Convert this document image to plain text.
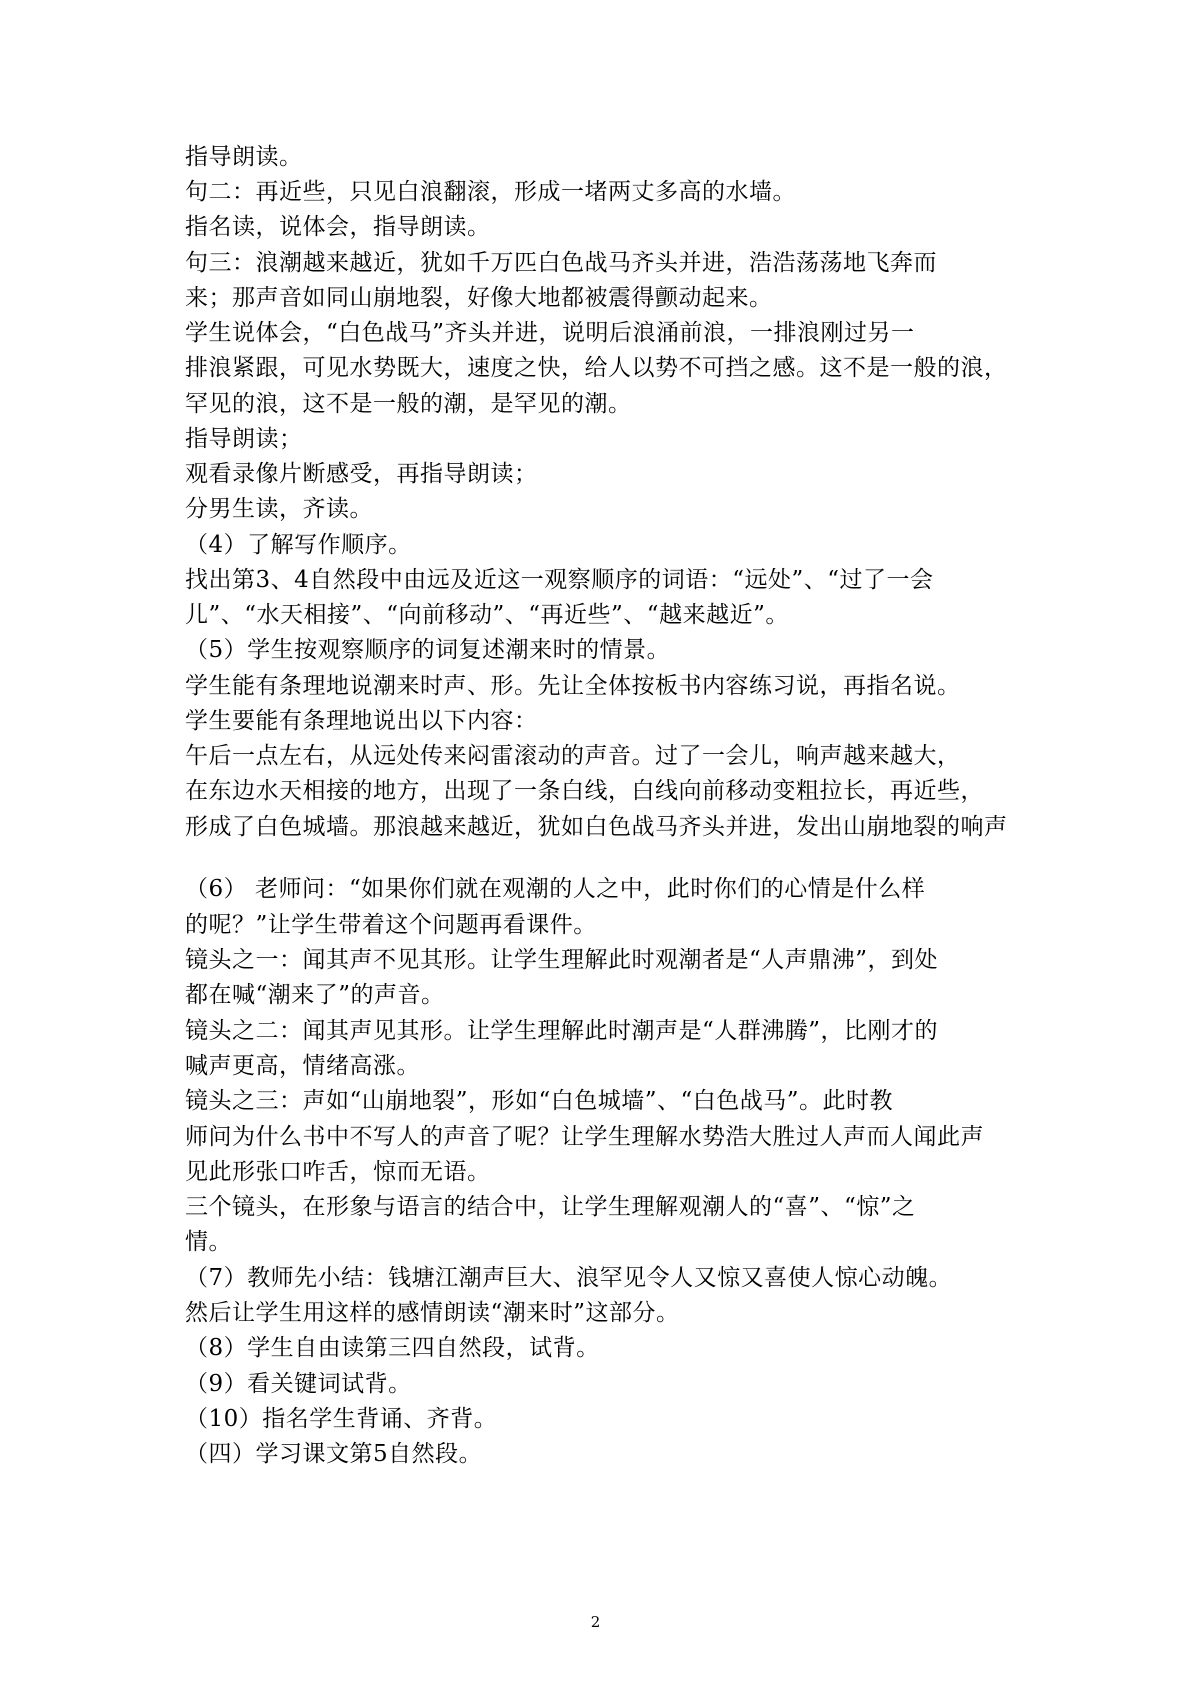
指导朗读。
句二：再近些，只见白浪翻滚，形成一堵两丈多高的水墙。
指名读，说体会，指导朗读。
句三：浪潮越来越近，犹如千万匹白色战马齐头并进，浩浩荡荡地飞奔而
来；那声音如同山崩地裂，好像大地都被震得颤动起来。
学生说体会，“白色战马”齐头并进，说明后浪涌前浪，一排浪刚过另一
排浪紧跟，可见水势既大，速度之快，给人以势不可挡之感。这不是一般的浪，
罕见的浪，这不是一般的潮，是罕见的潮。
指导朗读；
观看录像片断感受，再指导朗读；
分男生读，齐读。
（4）了解写作顺序。
找出第3、4自然段中由远及近这一观察顺序的词语：“远处”、“过了一会
儿”、“水天相接”、“向前移动”、“再近些”、“越来越近”。
（5）学生按观察顺序的词复述潮来时的情景。
学生能有条理地说潮来时声、形。先让全体按板书内容练习说，再指名说。
学生要能有条理地说出以下内容：
午后一点左右，从远处传来闷雷滚动的声音。过了一会儿，响声越来越大，
在东边水天相接的地方，出现了一条白线，白线向前移动变粗拉长，再近些，
形成了白色城墙。那浪越来越近，犹如白色战马齐头并进，发出山崩地裂的响声
（6） 老师问：“如果你们就在观潮的人之中，此时你们的心情是什么样
的呢？”让学生带着这个问题再看课件。
镜头之一：闻其声不见其形。让学生理解此时观潮者是“人声鼎沸”，到处
都在喊“潮来了”的声音。
镜头之二：闻其声见其形。让学生理解此时潮声是“人群沸腾”，比刚才的
喊声更高，情绪高涨。
镜头之三：声如“山崩地裂”，形如“白色城墙”、“白色战马”。此时教
师问为什么书中不写人的声音了呢？让学生理解水势浩大胜过人声而人闻此声
见此形张口咋舌，惊而无语。
三个镜头，在形象与语言的结合中，让学生理解观潮人的“喜”、“惊”之
情。
（7）教师先小结：钱塘江潮声巨大、浪罕见令人又惊又喜使人惊心动魄。
然后让学生用这样的感情朗读“潮来时”这部分。
（8）学生自由读第三四自然段，试背。
（9）看关键词试背。
（10）指名学生背诵、齐背。
（四）学习课文第5自然段。
2
